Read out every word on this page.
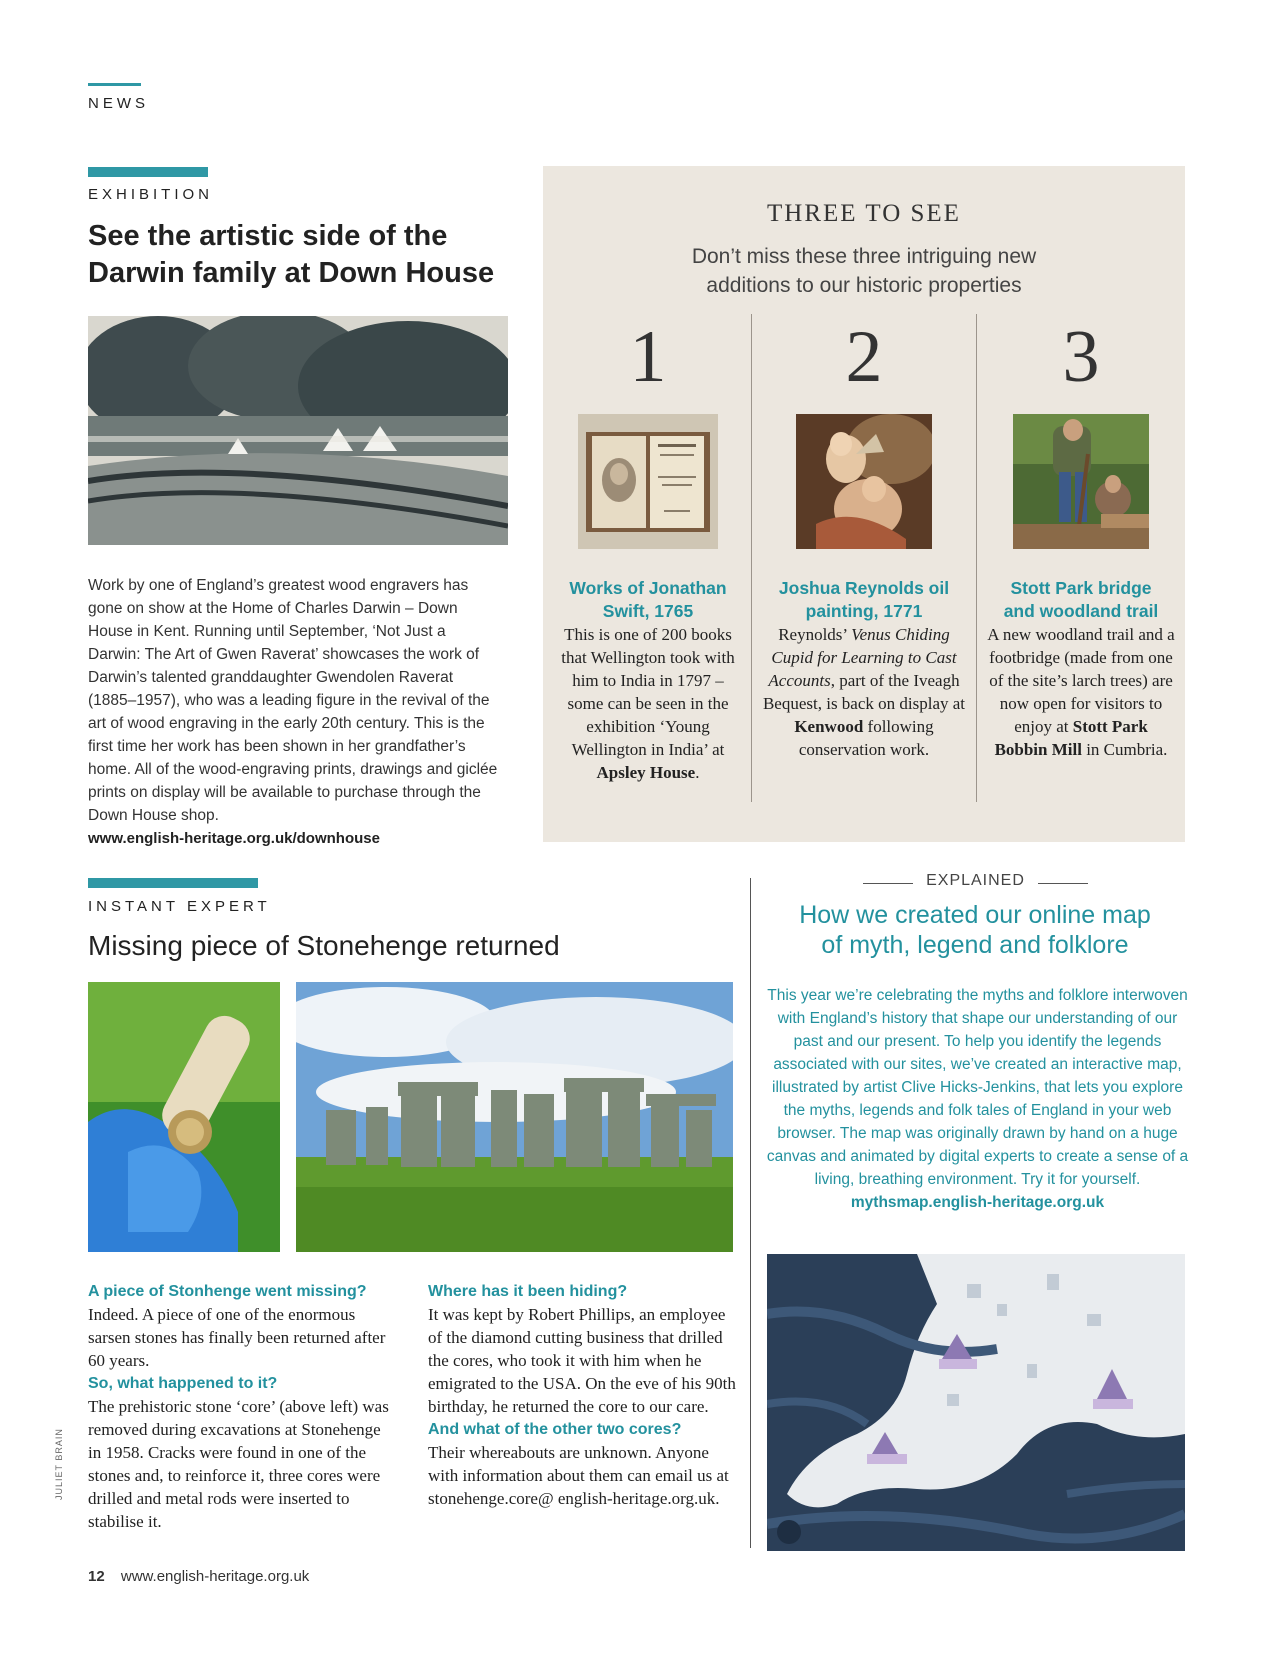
NEWS
EXHIBITION
See the artistic side of the
Darwin family at Down House
Work by one of England’s greatest wood engravers has gone on show at the Home of Charles Darwin – Down House in Kent. Running until September, ‘Not Just a Darwin: The Art of Gwen Raverat’ showcases the work of Darwin’s talented granddaughter Gwendolen Raverat (1885–1957), who was a leading figure in the revival of the art of wood engraving in the early 20th century. This is the first time her work has been shown in her grandfather’s home. All of the wood-engraving prints, drawings and giclée prints on display will be available to purchase through the Down House shop.
www.english-heritage.org.uk/downhouse
THREE TO SEE
Don’t miss these three intriguing new
additions to our historic properties
1
Works of Jonathan
Swift, 1765
This is one of 200 books that Wellington took with him to India in 1797 – some can be seen in the exhibition ‘Young Wellington in India’ at Apsley House.
2
Joshua Reynolds oil
painting, 1771
Reynolds’ Venus Chiding Cupid for Learning to Cast Accounts, part of the Iveagh Bequest, is back on display at Kenwood following conservation work.
3
Stott Park bridge
and woodland trail
A new woodland trail and a footbridge (made from one of the site’s larch trees) are now open for visitors to enjoy at Stott Park Bobbin Mill in Cumbria.
INSTANT EXPERT
Missing piece of Stonehenge returned
A piece of Stonhenge went missing?
Indeed. A piece of one of the enormous sarsen stones has finally been returned after 60 years.
So, what happened to it?
The prehistoric stone ‘core’ (above left) was removed during excavations at Stonehenge in 1958. Cracks were found in one of the stones and, to reinforce it, three cores were drilled and metal rods were inserted to stabilise it.
Where has it been hiding?
It was kept by Robert Phillips, an employee of the diamond cutting business that drilled the cores, who took it with him when he emigrated to the USA. On the eve of his 90th birthday, he returned the core to our care.
And what of the other two cores?
Their whereabouts are unknown. Anyone with information about them can email us at stonehenge.core@ english-heritage.org.uk.
EXPLAINED
How we created our online map
of myth, legend and folklore
This year we’re celebrating the myths and folklore interwoven with England’s history that shape our understanding of our past and our present. To help you identify the legends associated with our sites, we’ve created an interactive map, illustrated by artist Clive Hicks-Jenkins, that lets you explore the myths, legends and folk tales of England in your web browser. The map was originally drawn by hand on a huge canvas and animated by digital experts to create a sense of a living, breathing environment. Try it for yourself.
mythsmap.english-heritage.org.uk
JULIET BRAIN
12 www.english-heritage.org.uk
